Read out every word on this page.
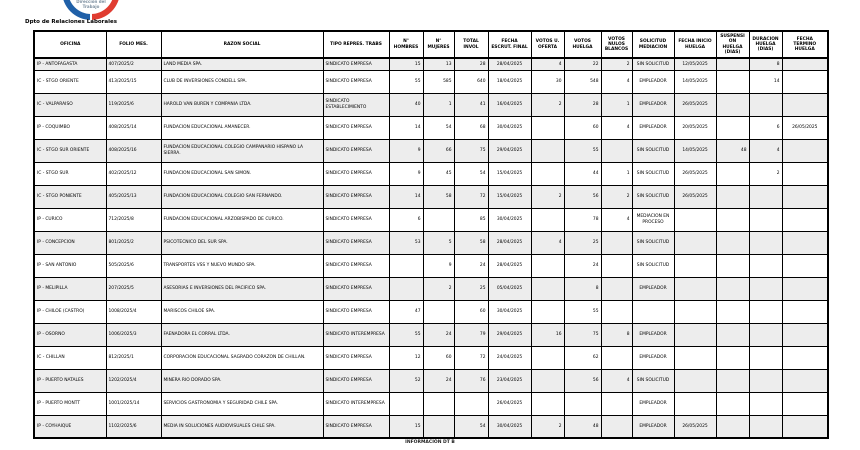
Dirección del
Trabajo
Dpto de Relaciones Laborales
OFICINA	FOLIO MES.	RAZON SOCIAL	TIPO REPRES. TRABS	N° HOMBRES	N° MUJERES	TOTAL INVOL	FECHA ESCRUT. FINAL	VOTOS U. OFERTA	VOTOS HUELGA	VOTOS NULOS BLANCOS	SOLICITUD MEDIACION	FECHA INICIO HUELGA	SUSPENSION HUELGA (DIAS)	DURACION HUELGA (DIAS)	FECHA TERMINO HUELGA
IP - ANTOFAGASTA	407/2025/2	LAND MEDIA SPA.	SINDICATO EMPRESA	15	13	28	28/04/2025	4	22	2	SIN SOLICITUD	12/05/2025		8	
IC - STGO ORIENTE	413/2025/15	CLUB DE INVERSIONES CONDELL SPA.	SINDICATO EMPRESA	55	585	640	18/04/2025	30	548	4	EMPLEADOR	14/05/2025		14	
IC - VALPARAISO	119/2025/6	HAROLD VAN BUREN Y COMPANIA LTDA.	SINDICATO ESTABLECIMIENTO	40	1	41	16/04/2025	2	28	1	EMPLEADOR	26/05/2025			
IP - COQUIMBO	408/2025/14	FUNDACION EDUCACIONAL AMANECER.	SINDICATO EMPRESA	14	54	68	30/04/2025		60	4	EMPLEADOR	20/05/2025		6	26/05/2025
IC - STGO SUR ORIENTE	408/2025/16	FUNDACION EDUCACIONAL COLEGIO CAMPANARIO HISPANO LA SIERRA.	SINDICATO EMPRESA	9	66	75	29/04/2025		55		SIN SOLICITUD	14/05/2025	48	4	
IC - STGO SUR	402/2025/12	FUNDACION EDUCACIONAL SAN SIMON.	SINDICATO EMPRESA	9	45	54	15/04/2025		44	1	SIN SOLICITUD	26/05/2025		2	
IC - STGO PONIENTE	405/2025/13	FUNDACION EDUCACIONAL COLEGIO SAN FERNANDO.	SINDICATO EMPRESA	14	58	72	15/04/2025	2	56	2	SIN SOLICITUD	26/05/2025			
IP - CURICO	712/2025/8	FUNDACION EDUCACIONAL ARZOBISPADO DE CURICO.	SINDICATO EMPRESA	6		85	30/04/2025		78	4	MEDIACION EN PROCESO				
IP - CONCEPCION	801/2025/2	PSICOTECNICO DEL SUR SPA.	SINDICATO EMPRESA	53	5	58	28/04/2025	4	25		SIN SOLICITUD				
IP - SAN ANTONIO	505/2025/6	TRANSPORTES VSS Y NUEVO MUNDO SPA.	SINDICATO EMPRESA		9	24	28/04/2025		24		SIN SOLICITUD				
IP - MELIPILLA	207/2025/5	ASESORIAS E INVERSIONES DEL PACIFICO SPA.	SINDICATO EMPRESA		2	25	05/04/2025		8		EMPLEADOR				
IP - CHILOE (CASTRO)	1008/2025/4	MARISCOS CHILOE SPA.	SINDICATO EMPRESA	47		60	30/04/2025		55						
IP - OSORNO	1006/2025/3	FAENADORA EL CORRAL LTDA.	SINDICATO INTEREMPRESA	55	24	79	29/04/2025	16	75	8	EMPLEADOR				
IC - CHILLAN	812/2025/1	CORPORACION EDUCACIONAL SAGRADO CORAZON DE CHILLAN.	SINDICATO EMPRESA	12	60	72	24/04/2025		62		EMPLEADOR				
IP - PUERTO NATALES	1202/2025/4	MINERA RIO DORADO SPA.	SINDICATO EMPRESA	52	24	76	23/04/2025		56	4	SIN SOLICITUD				
IP - PUERTO MONTT	1001/2025/14	SERVICIOS GASTRONOMIA Y SEGURIDAD CHILE SPA.	SINDICATO INTEREMPRESA				26/04/2025				EMPLEADOR				
IP - COYHAIQUE	1102/2025/6	MEDIA IN SOLUCIONES AUDIOVISUALES CHILE SPA.	SINDICATO EMPRESA	15		54	30/04/2025	2	48		EMPLEADOR	26/05/2025			
INFORMACIÓN DT B
